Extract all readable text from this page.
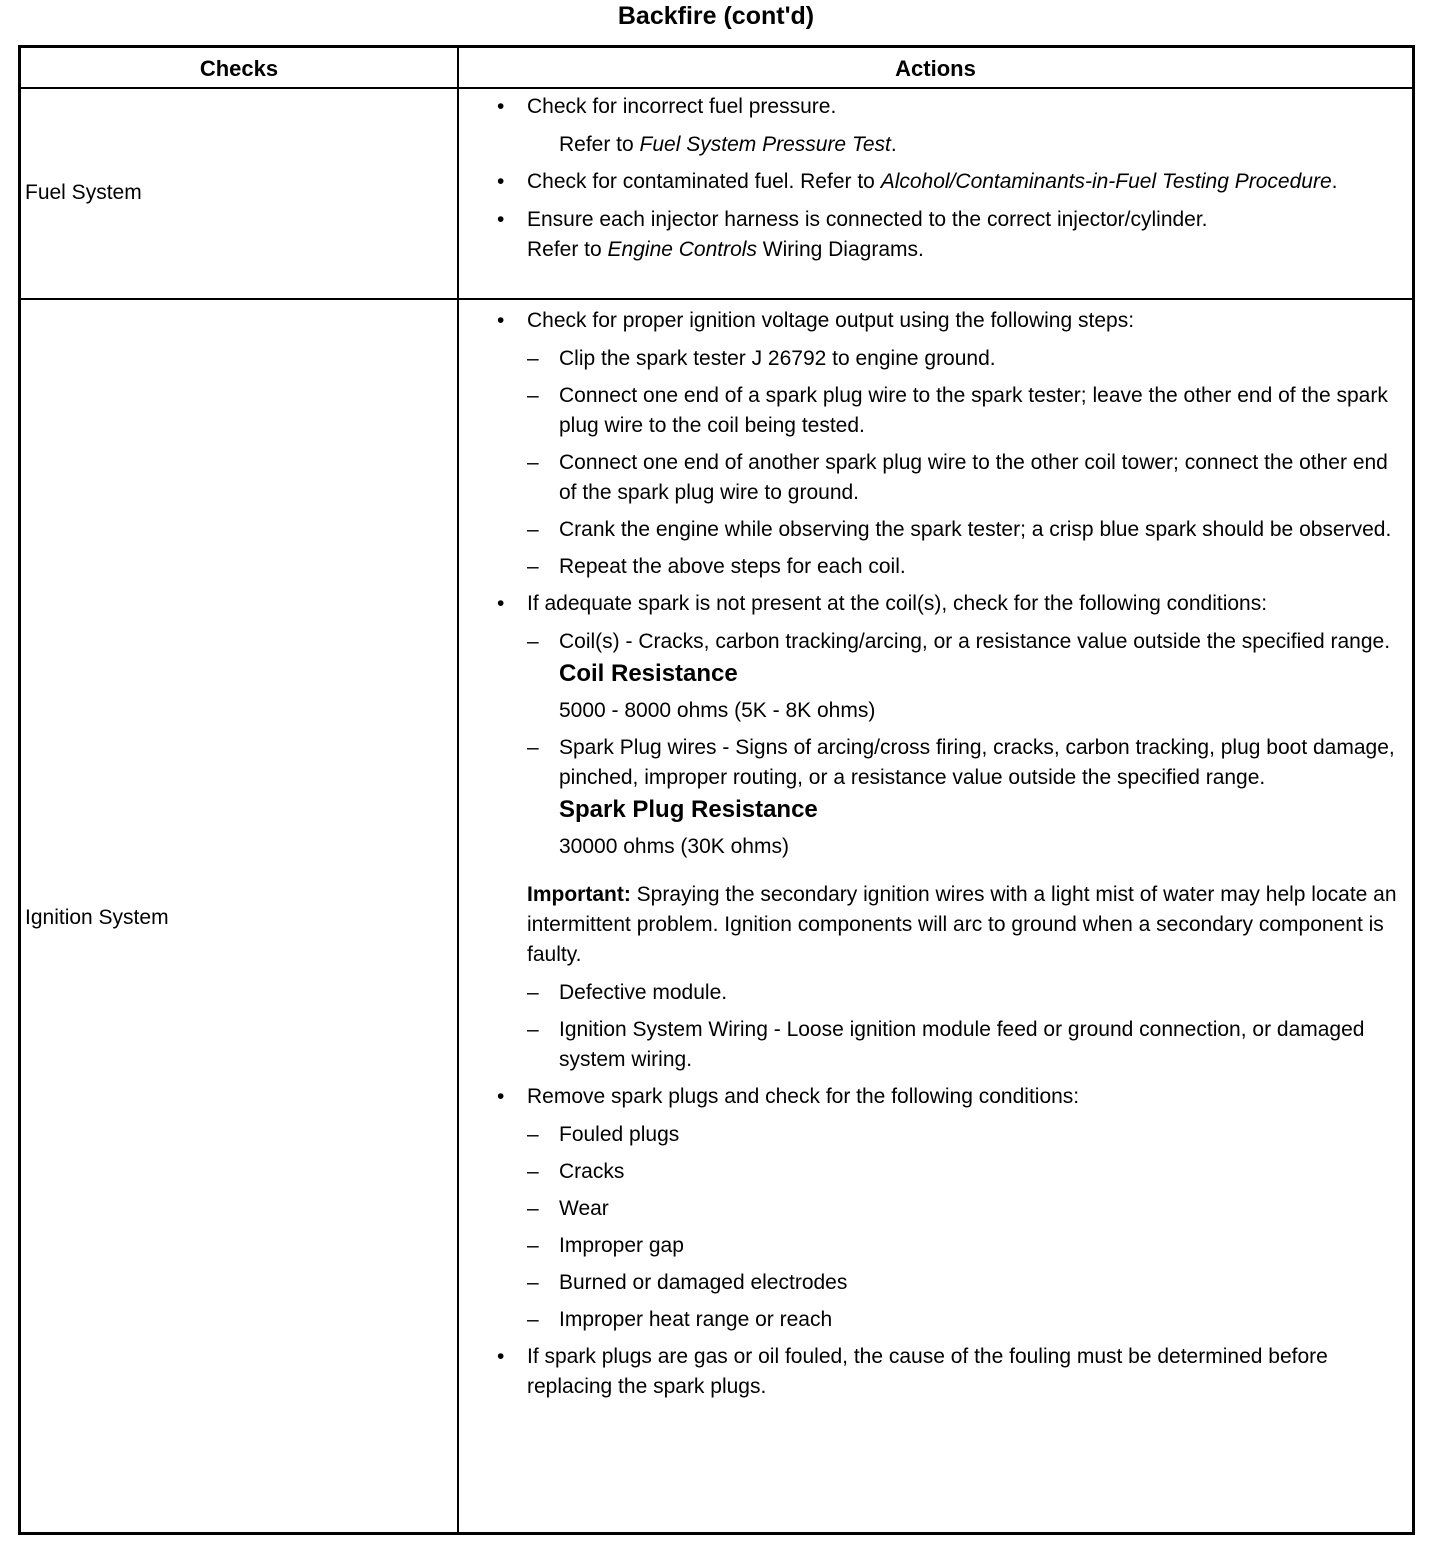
Backfire (cont'd)
Checks	Actions
Fuel System
• Check for incorrect fuel pressure.
Refer to Fuel System Pressure Test.
• Check for contaminated fuel. Refer to Alcohol/Contaminants-in-Fuel Testing Procedure.
• Ensure each injector harness is connected to the correct injector/cylinder.
Refer to Engine Controls Wiring Diagrams.
Ignition System
• Check for proper ignition voltage output using the following steps:
– Clip the spark tester J 26792 to engine ground.
– Connect one end of a spark plug wire to the spark tester; leave the other end of the spark plug wire to the coil being tested.
– Connect one end of another spark plug wire to the other coil tower; connect the other end of the spark plug wire to ground.
– Crank the engine while observing the spark tester; a crisp blue spark should be observed.
– Repeat the above steps for each coil.
• If adequate spark is not present at the coil(s), check for the following conditions:
– Coil(s) - Cracks, carbon tracking/arcing, or a resistance value outside the specified range.
Coil Resistance
5000 - 8000 ohms (5K - 8K ohms)
– Spark Plug wires - Signs of arcing/cross firing, cracks, carbon tracking, plug boot damage, pinched, improper routing, or a resistance value outside the specified range.
Spark Plug Resistance
30000 ohms (30K ohms)
Important: Spraying the secondary ignition wires with a light mist of water may help locate an intermittent problem. Ignition components will arc to ground when a secondary component is faulty.
– Defective module.
– Ignition System Wiring - Loose ignition module feed or ground connection, or damaged system wiring.
• Remove spark plugs and check for the following conditions:
– Fouled plugs
– Cracks
– Wear
– Improper gap
– Burned or damaged electrodes
– Improper heat range or reach
• If spark plugs are gas or oil fouled, the cause of the fouling must be determined before replacing the spark plugs.
